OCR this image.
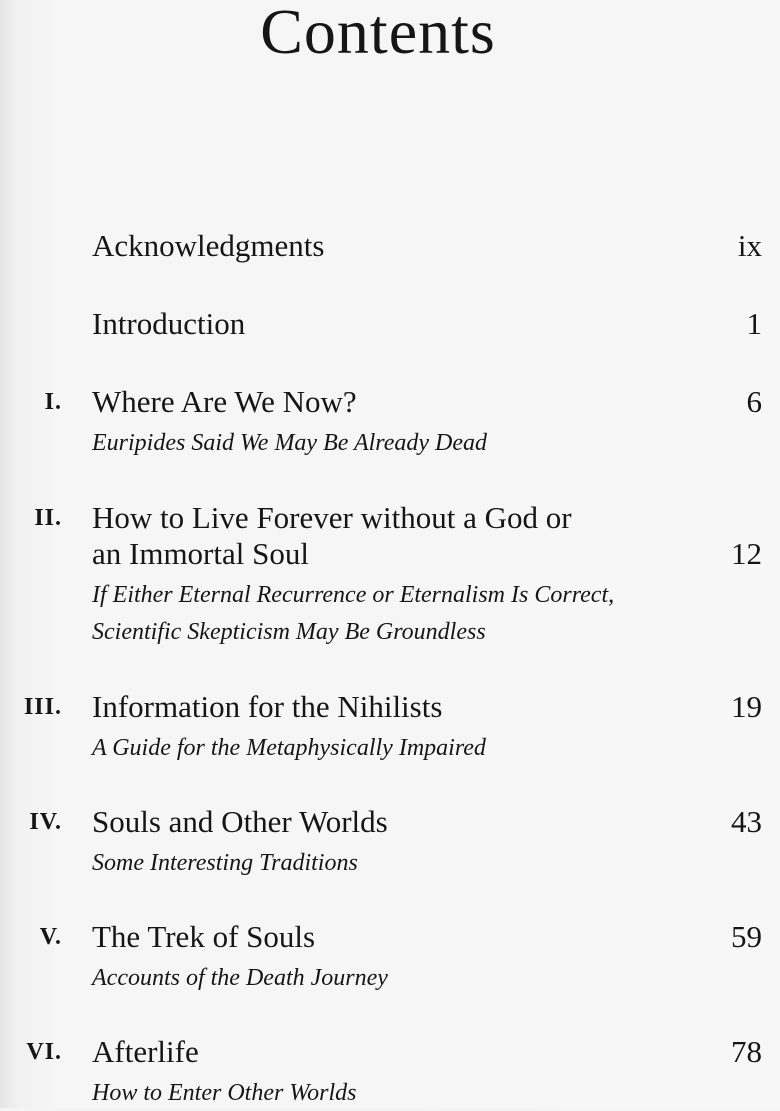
Contents
Acknowledgments	ix
Introduction	1
I. Where Are We Now?
Euripides Said We May Be Already Dead
6
II. How to Live Forever without a God or
an Immortal Soul
If Either Eternal Recurrence or Eternalism Is Correct,
Scientific Skepticism May Be Groundless
12
III. Information for the Nihilists
A Guide for the Metaphysically Impaired
19
IV. Souls and Other Worlds
Some Interesting Traditions
43
V. The Trek of Souls
Accounts of the Death Journey
59
VI. Afterlife
How to Enter Other Worlds
78
